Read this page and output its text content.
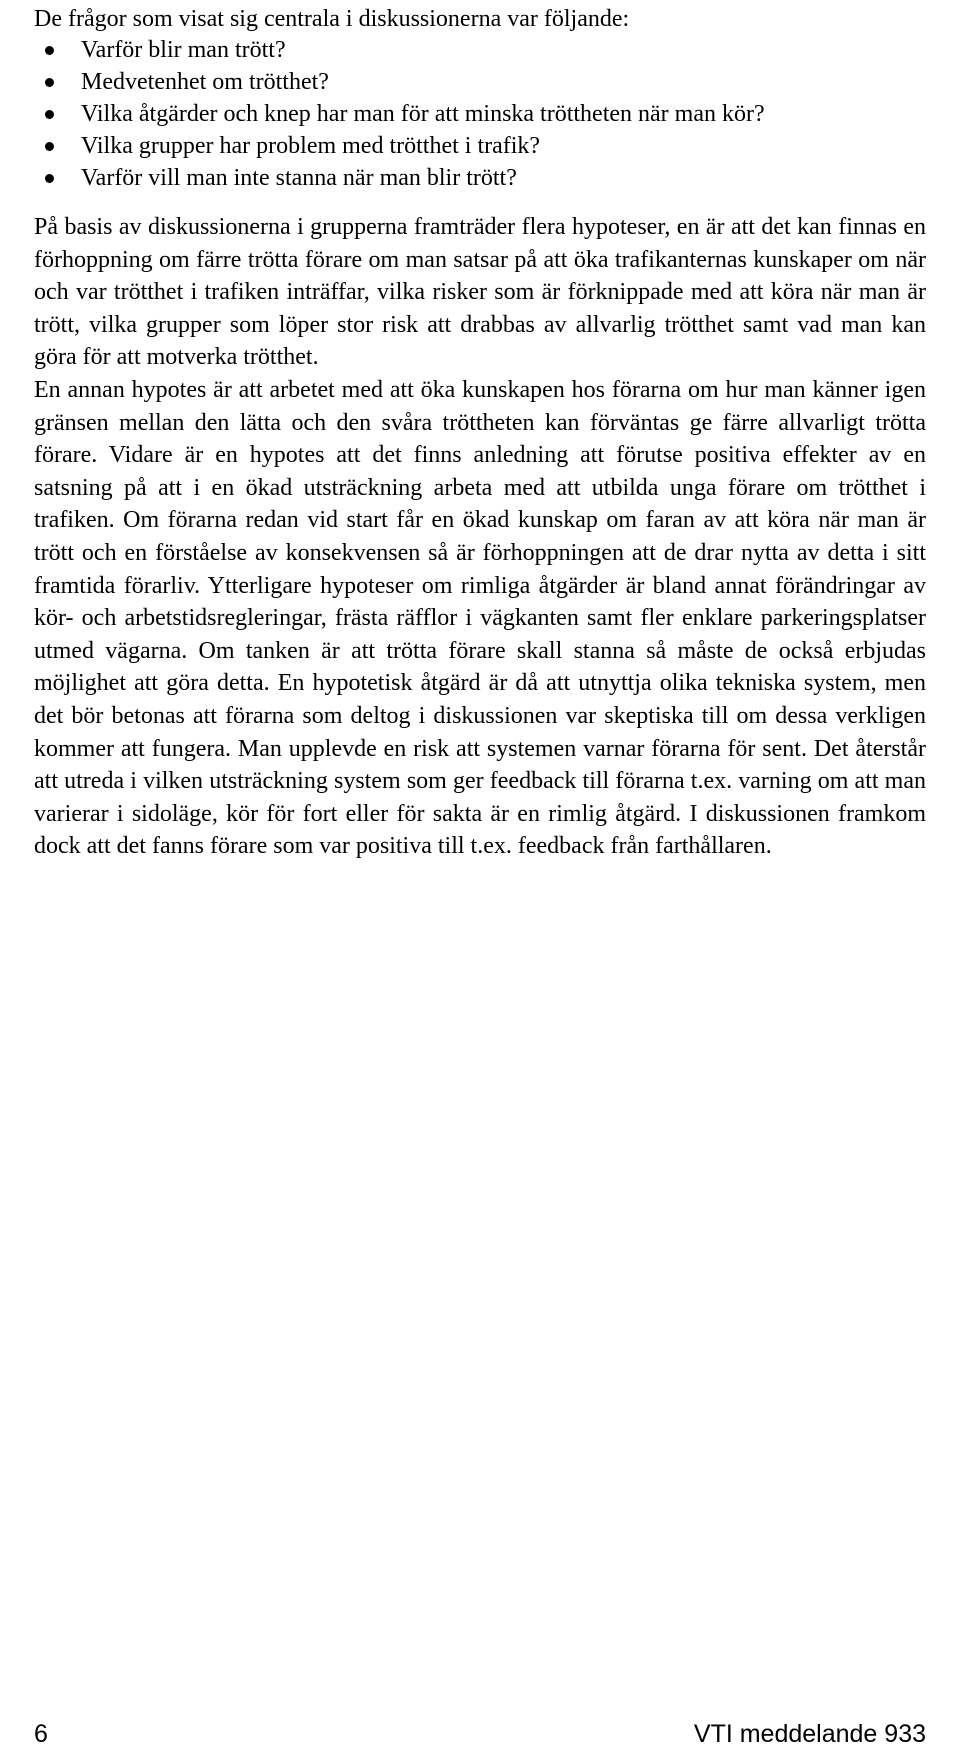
De frågor som visat sig centrala i diskussionerna var följande:
Varför blir man trött?
Medvetenhet om trötthet?
Vilka åtgärder och knep har man för att minska tröttheten när man kör?
Vilka grupper har problem med trötthet i trafik?
Varför vill man inte stanna när man blir trött?

På basis av diskussionerna i grupperna framträder flera hypoteser, en är att det kan finnas en förhoppning om färre trötta förare om man satsar på att öka trafikanternas kunskaper om när och var trötthet i trafiken inträffar, vilka risker som är förknippade med att köra när man är trött, vilka grupper som löper stor risk att drabbas av allvarlig trötthet samt vad man kan göra för att motverka trötthet.

En annan hypotes är att arbetet med att öka kunskapen hos förarna om hur man känner igen gränsen mellan den lätta och den svåra tröttheten kan förväntas ge färre allvarligt trötta förare. Vidare är en hypotes att det finns anledning att förutse positiva effekter av en satsning på att i en ökad utsträckning arbeta med att utbilda unga förare om trötthet i trafiken. Om förarna redan vid start får en ökad kunskap om faran av att köra när man är trött och en förståelse av konsekvensen så är förhoppningen att de drar nytta av detta i sitt framtida förarliv. Ytterligare hypoteser om rimliga åtgärder är bland annat förändringar av kör- och arbetstidsregleringar, frästa räfflor i vägkanten samt fler enklare parkeringsplatser utmed vägarna. Om tanken är att trötta förare skall stanna så måste de också erbjudas möjlighet att göra detta. En hypotetisk åtgärd är då att utnyttja olika tekniska system, men det bör betonas att förarna som deltog i diskussionen var skeptiska till om dessa verkligen kommer att fungera. Man upplevde en risk att systemen varnar förarna för sent. Det återstår att utreda i vilken utsträckning system som ger feedback till förarna t.ex. varning om att man varierar i sidoläge, kör för fort eller för sakta är en rimlig åtgärd. I diskussionen framkom dock att det fanns förare som var positiva till t.ex. feedback från farthållaren.

6	VTI meddelande 933
